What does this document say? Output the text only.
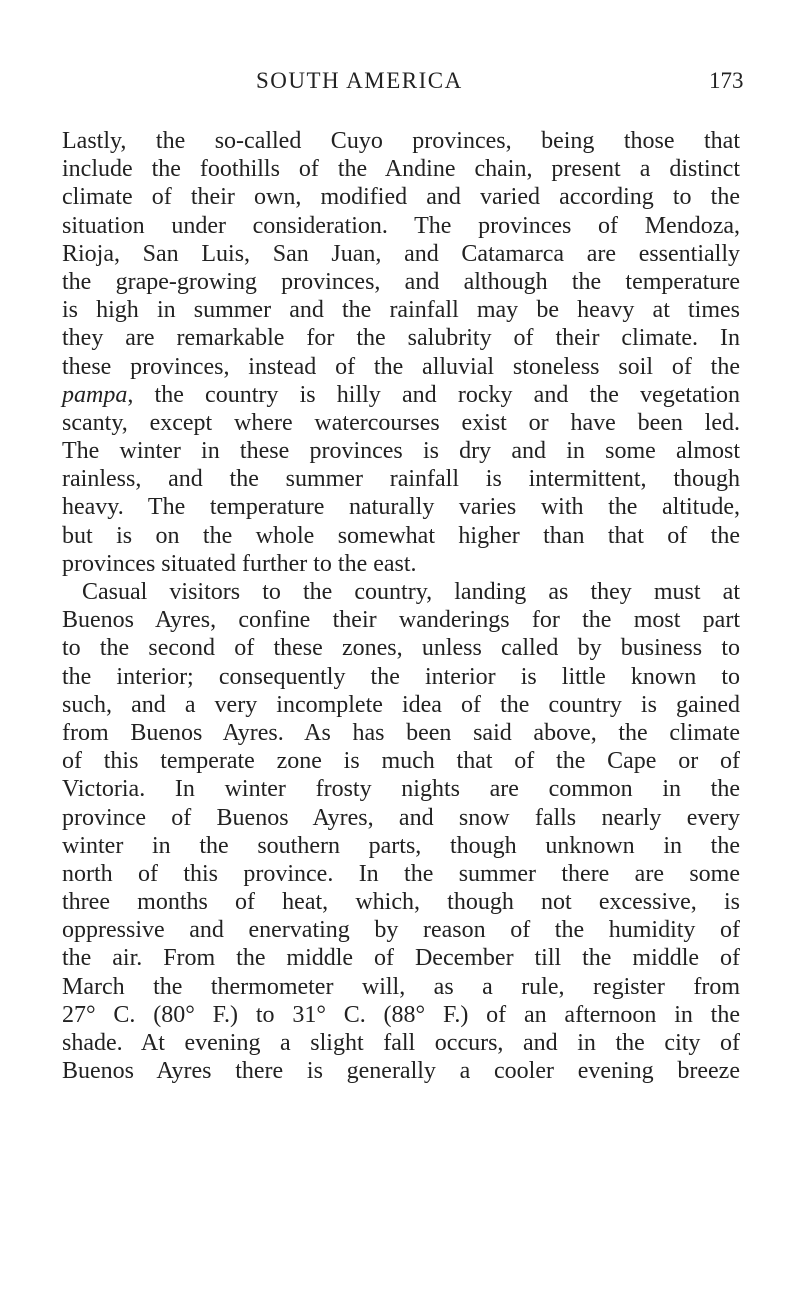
SOUTH AMERICA	173
Lastly, the so-called Cuyo provinces, being those that
include the foothills of the Andine chain, present a distinct
climate of their own, modified and varied according to the
situation under consideration. The provinces of Mendoza,
Rioja, San Luis, San Juan, and Catamarca are essentially
the grape-growing provinces, and although the temperature
is high in summer and the rainfall may be heavy at times
they are remarkable for the salubrity of their climate. In
these provinces, instead of the alluvial stoneless soil of the
pampa, the country is hilly and rocky and the vegetation
scanty, except where watercourses exist or have been led.
The winter in these provinces is dry and in some almost
rainless, and the summer rainfall is intermittent, though
heavy. The temperature naturally varies with the altitude,
but is on the whole somewhat higher than that of the
provinces situated further to the east.
Casual visitors to the country, landing as they must at
Buenos Ayres, confine their wanderings for the most part
to the second of these zones, unless called by business to
the interior; consequently the interior is little known to
such, and a very incomplete idea of the country is gained
from Buenos Ayres. As has been said above, the climate
of this temperate zone is much that of the Cape or of
Victoria. In winter frosty nights are common in the
province of Buenos Ayres, and snow falls nearly every
winter in the southern parts, though unknown in the
north of this province. In the summer there are some
three months of heat, which, though not excessive, is
oppressive and enervating by reason of the humidity of
the air. From the middle of December till the middle of
March the thermometer will, as a rule, register from
27° C. (80° F.) to 31° C. (88° F.) of an afternoon in the
shade. At evening a slight fall occurs, and in the city of
Buenos Ayres there is generally a cooler evening breeze
